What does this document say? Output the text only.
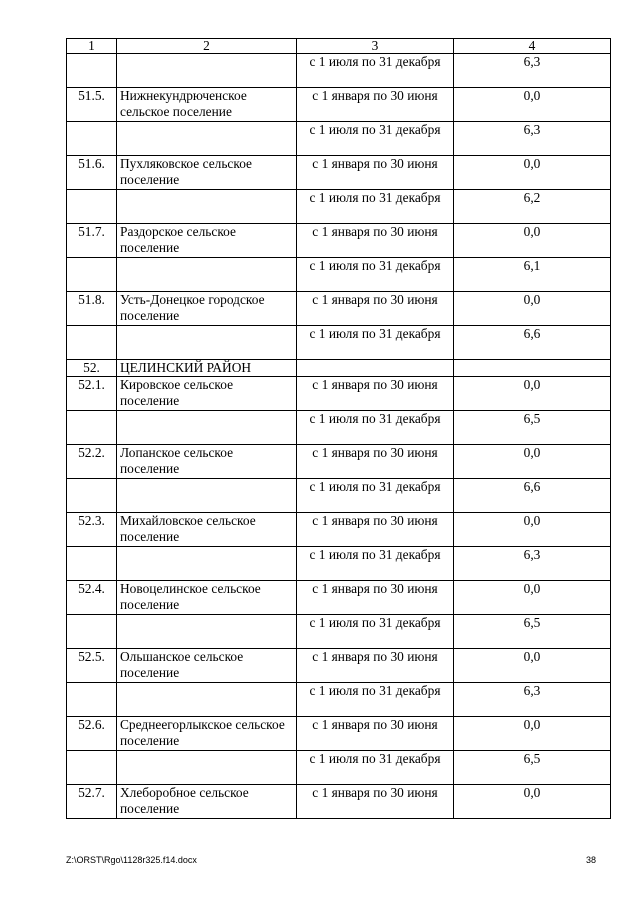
1	2	3	4
		с 1 июля по 31 декабря	6,3
51.5.	Нижнекундрюченское сельское поселение	с 1 января по 30 июня	0,0
		с 1 июля по 31 декабря	6,3
51.6.	Пухляковское сельское поселение	с 1 января по 30 июня	0,0
		с 1 июля по 31 декабря	6,2
51.7.	Раздорское сельское поселение	с 1 января по 30 июня	0,0
		с 1 июля по 31 декабря	6,1
51.8.	Усть-Донецкое городское поселение	с 1 января по 30 июня	0,0
		с 1 июля по 31 декабря	6,6
52.	ЦЕЛИНСКИЙ РАЙОН		
52.1.	Кировское сельское поселение	с 1 января по 30 июня	0,0
		с 1 июля по 31 декабря	6,5
52.2.	Лопанское сельское поселение	с 1 января по 30 июня	0,0
		с 1 июля по 31 декабря	6,6
52.3.	Михайловское сельское поселение	с 1 января по 30 июня	0,0
		с 1 июля по 31 декабря	6,3
52.4.	Новоцелинское сельское поселение	с 1 января по 30 июня	0,0
		с 1 июля по 31 декабря	6,5
52.5.	Ольшанское сельское поселение	с 1 января по 30 июня	0,0
		с 1 июля по 31 декабря	6,3
52.6.	Среднеегорлыкское сельское поселение	с 1 января по 30 июня	0,0
		с 1 июля по 31 декабря	6,5
52.7.	Хлеборобное сельское поселение	с 1 января по 30 июня	0,0
Z:\ORST\Rgo\1128r325.f14.docx	38
